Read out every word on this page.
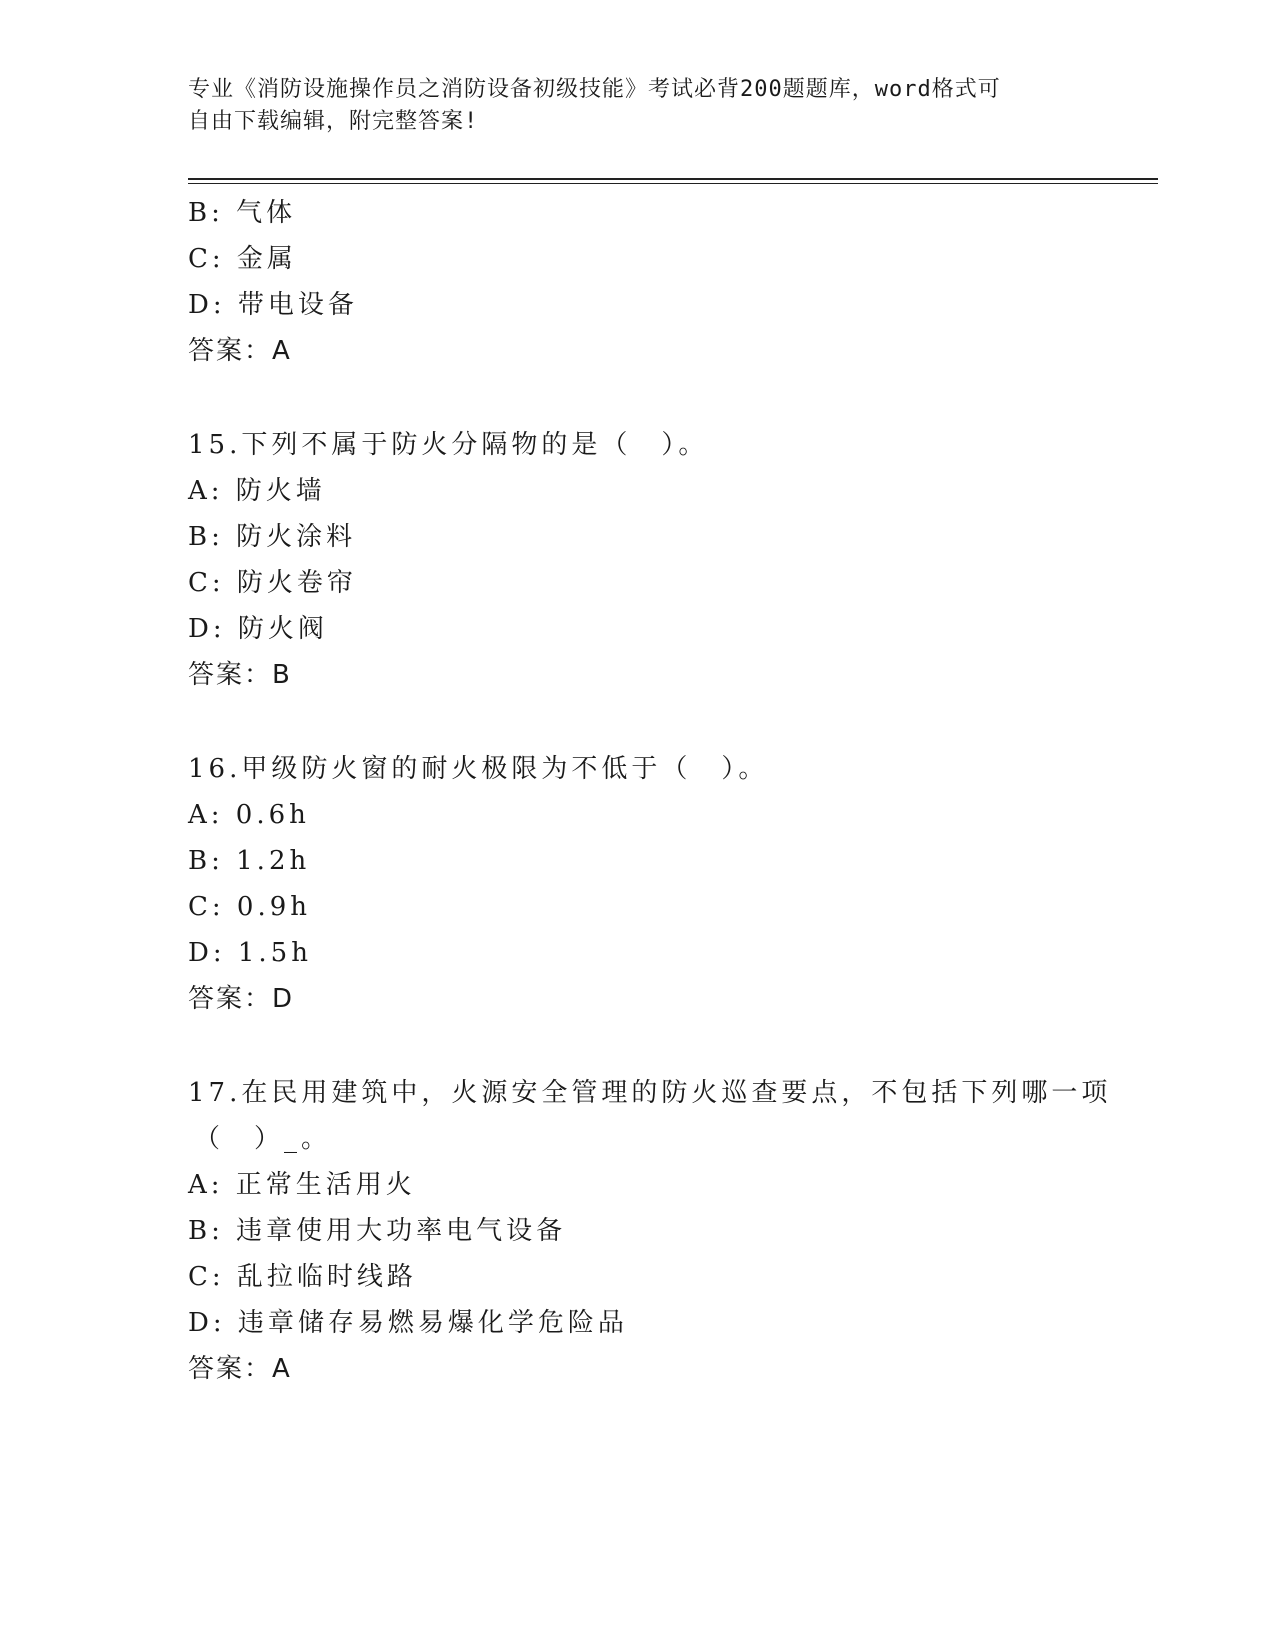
专业《消防设施操作员之消防设备初级技能》考试必背200题题库，word格式可
自由下载编辑，附完整答案!
B: 气体
C: 金属
D: 带电设备
答案：A
15.下列不属于防火分隔物的是（　）。
A: 防火墙
B: 防火涂料
C: 防火卷帘
D: 防火阀
答案：B
16.甲级防火窗的耐火极限为不低于（　）。
A: 0.6h
B: 1.2h
C: 0.9h
D: 1.5h
答案：D
17.在民用建筑中，火源安全管理的防火巡查要点，不包括下列哪一项
（　）_。
A: 正常生活用火
B: 违章使用大功率电气设备
C: 乱拉临时线路
D: 违章储存易燃易爆化学危险品
答案：A
